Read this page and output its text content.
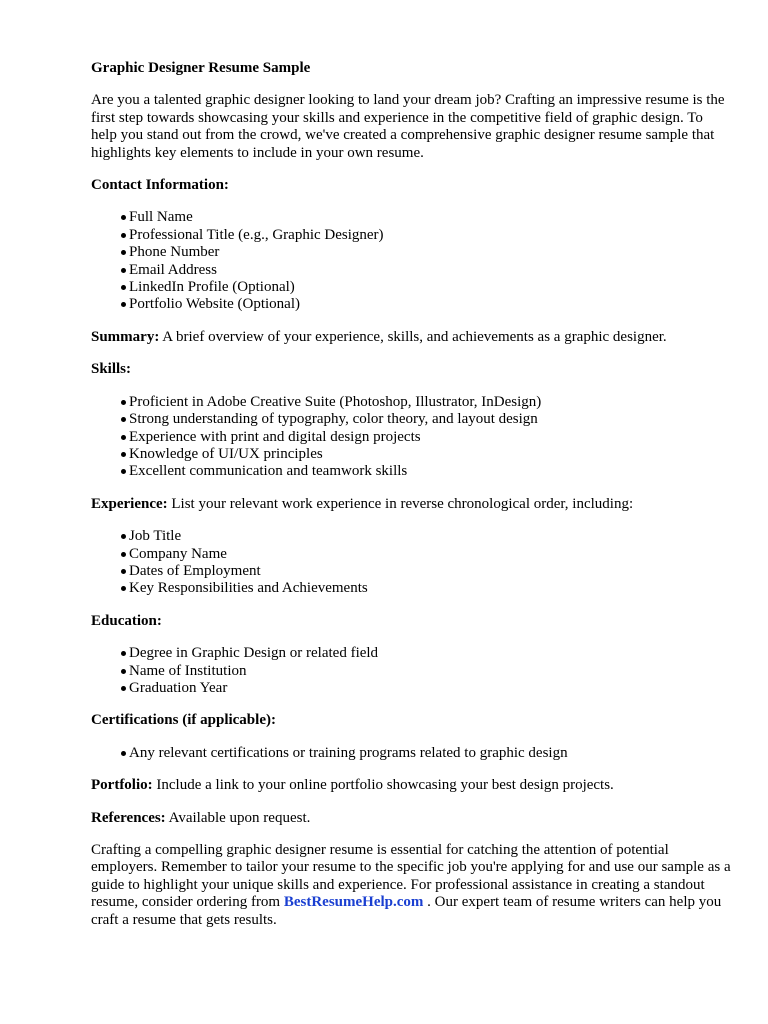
Graphic Designer Resume Sample

Are you a talented graphic designer looking to land your dream job? Crafting an impressive resume is the first step towards showcasing your skills and experience in the competitive field of graphic design. To help you stand out from the crowd, we've created a comprehensive graphic designer resume sample that highlights key elements to include in your own resume.

Contact Information:
Full Name
Professional Title (e.g., Graphic Designer)
Phone Number
Email Address
LinkedIn Profile (Optional)
Portfolio Website (Optional)

Summary: A brief overview of your experience, skills, and achievements as a graphic designer.

Skills:
Proficient in Adobe Creative Suite (Photoshop, Illustrator, InDesign)
Strong understanding of typography, color theory, and layout design
Experience with print and digital design projects
Knowledge of UI/UX principles
Excellent communication and teamwork skills

Experience: List your relevant work experience in reverse chronological order, including:

Job Title
Company Name
Dates of Employment
Key Responsibilities and Achievements
Education:
Degree in Graphic Design or related field
Name of Institution
Graduation Year
Certifications (if applicable):
Any relevant certifications or training programs related to graphic design

Portfolio: Include a link to your online portfolio showcasing your best design projects.

References: Available upon request.

Crafting a compelling graphic designer resume is essential for catching the attention of potential employers. Remember to tailor your resume to the specific job you're applying for and use our sample as a guide to highlight your unique skills and experience. For professional assistance in creating a standout resume, consider ordering from BestResumeHelp.com . Our expert team of resume writers can help you craft a resume that gets results.
